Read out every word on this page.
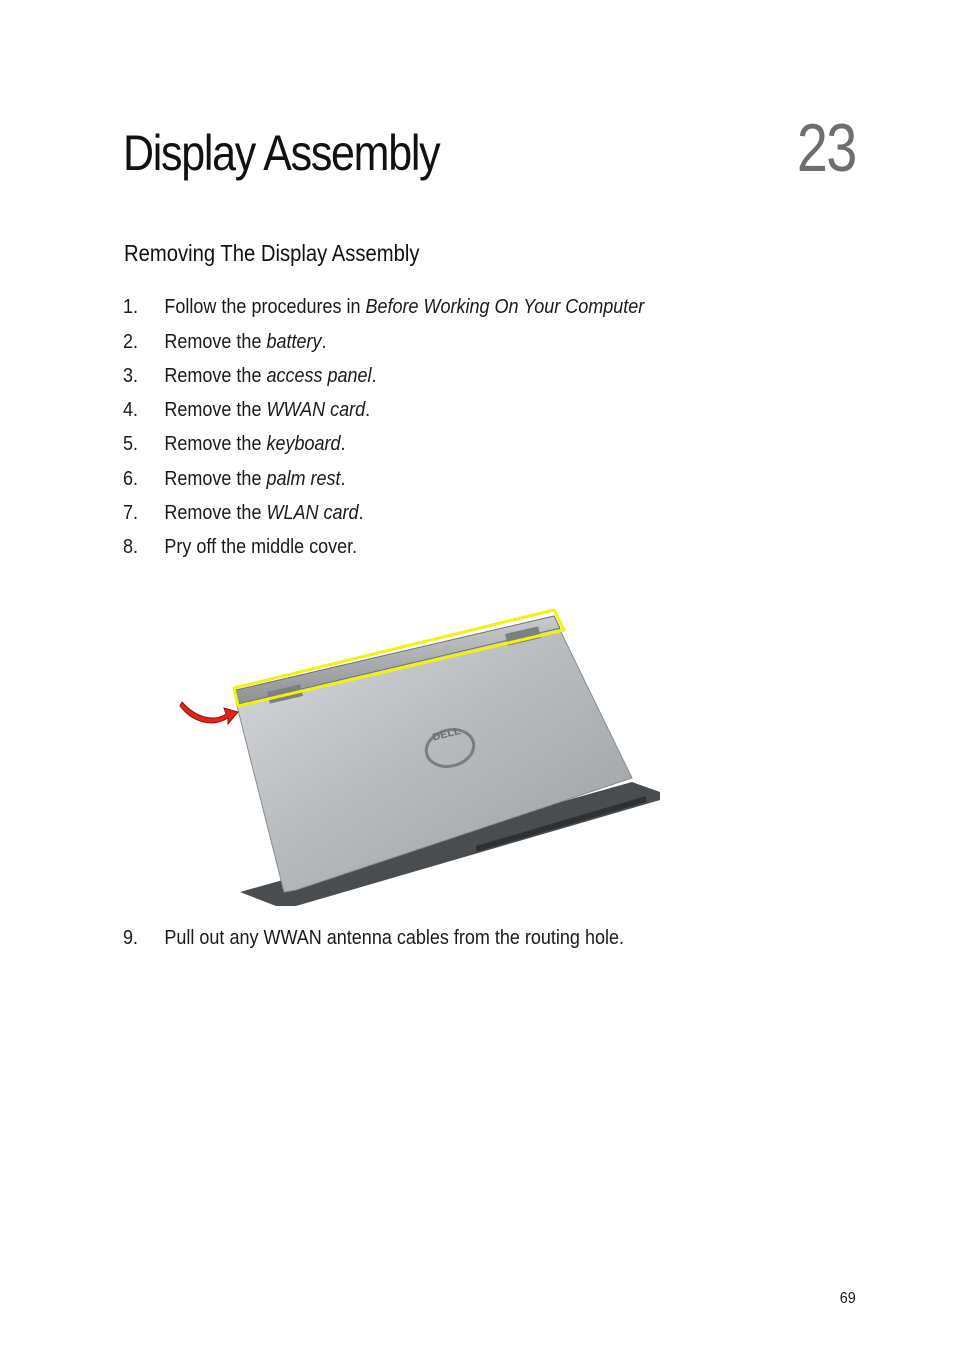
Display Assembly	23
Removing The Display Assembly
1. Follow the procedures in Before Working On Your Computer
2. Remove the battery.
3. Remove the access panel.
4. Remove the WWAN card.
5. Remove the keyboard.
6. Remove the palm rest.
7. Remove the WLAN card.
8. Pry off the middle cover.
9. Pull out any WWAN antenna cables from the routing hole.
DELL
69
